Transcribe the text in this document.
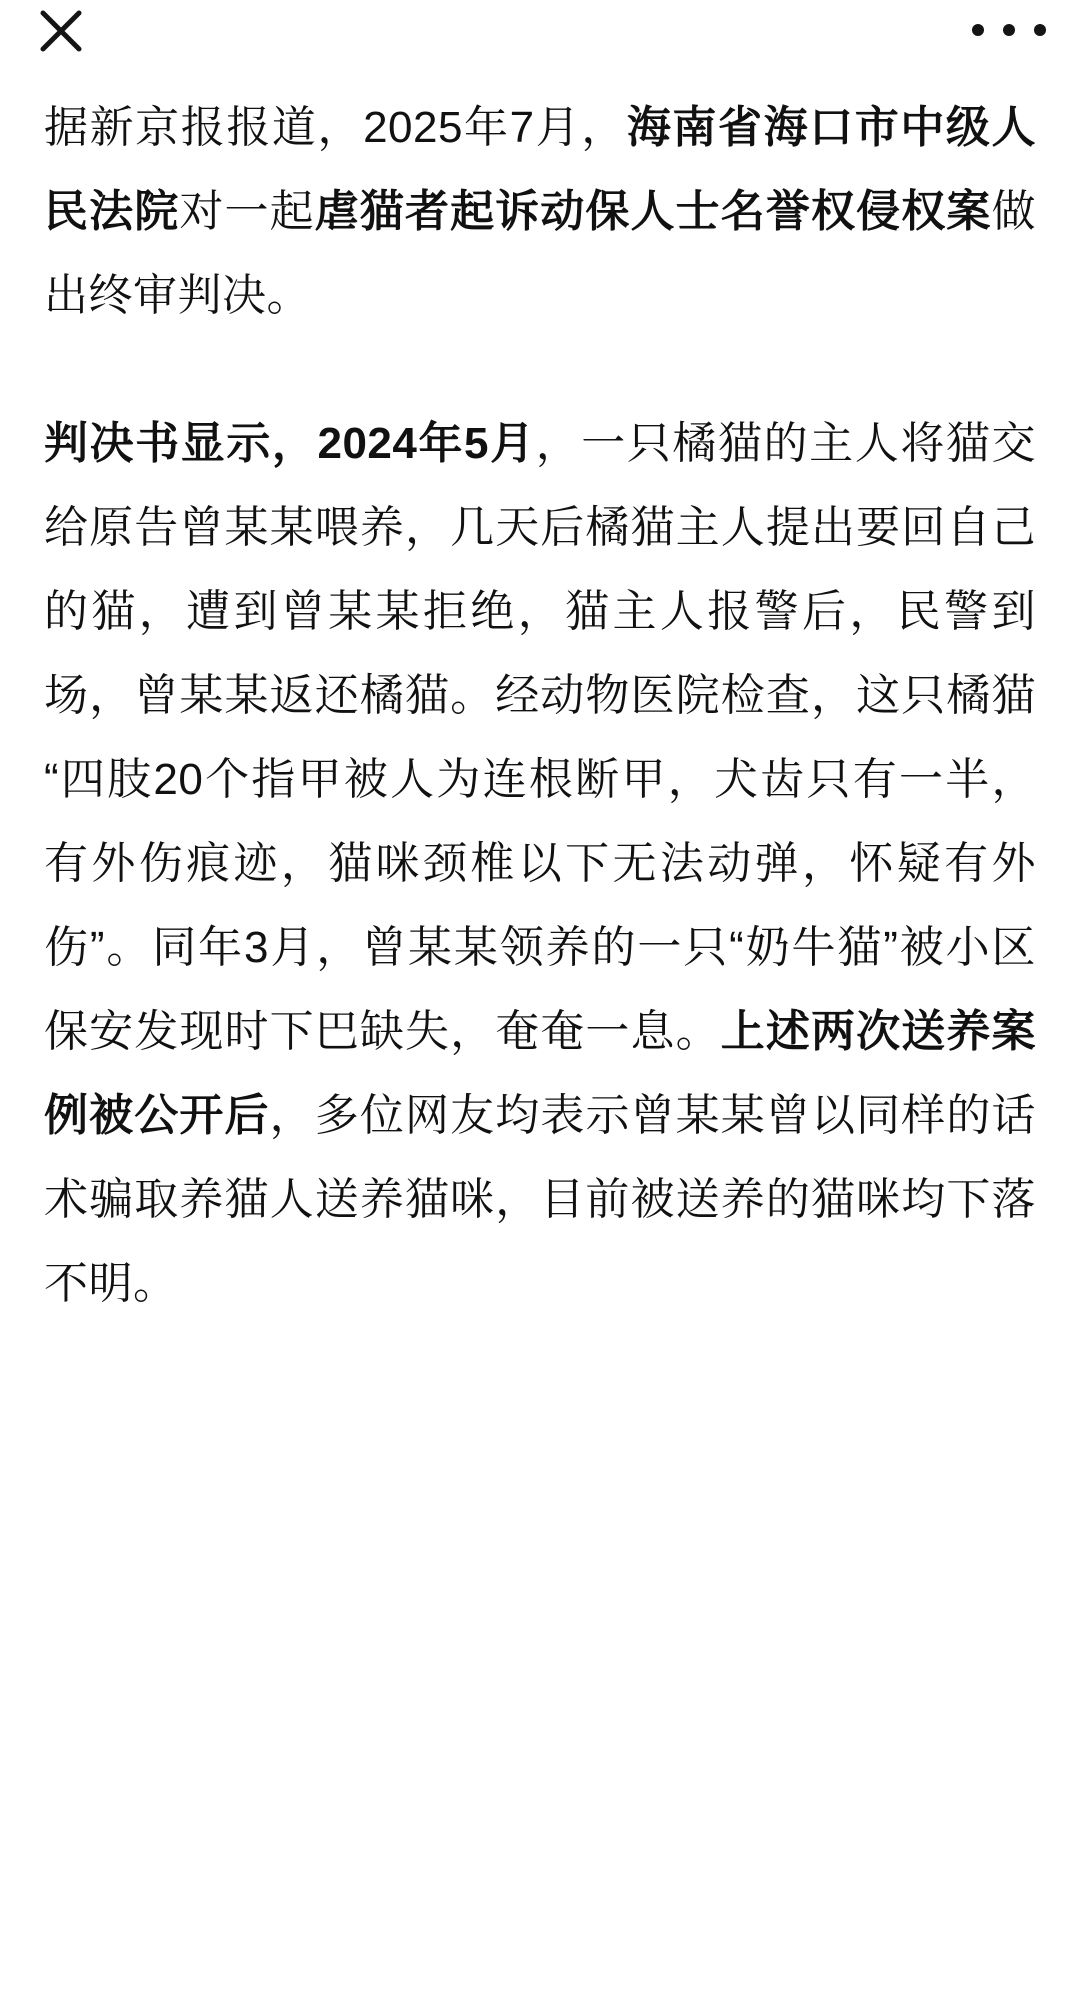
据新京报报道，2025年7月，海南省海口市中级人民法院对一起虐猫者起诉动保人士名誉权侵权案做出终审判决。

判决书显示，2024年5月，一只橘猫的主人将猫交给原告曾某某喂养，几天后橘猫主人提出要回自己的猫，遭到曾某某拒绝，猫主人报警后，民警到场，曾某某返还橘猫。经动物医院检查，这只橘猫“四肢20个指甲被人为连根断甲，犬齿只有一半，有外伤痕迹，猫咪颈椎以下无法动弹，怀疑有外伤”。同年3月，曾某某领养的一只“奶牛猫”被小区保安发现时下巴缺失，奄奄一息。上述两次送养案例被公开后，多位网友均表示曾某某曾以同样的话术骗取养猫人送养猫咪，目前被送养的猫咪均下落不明。
